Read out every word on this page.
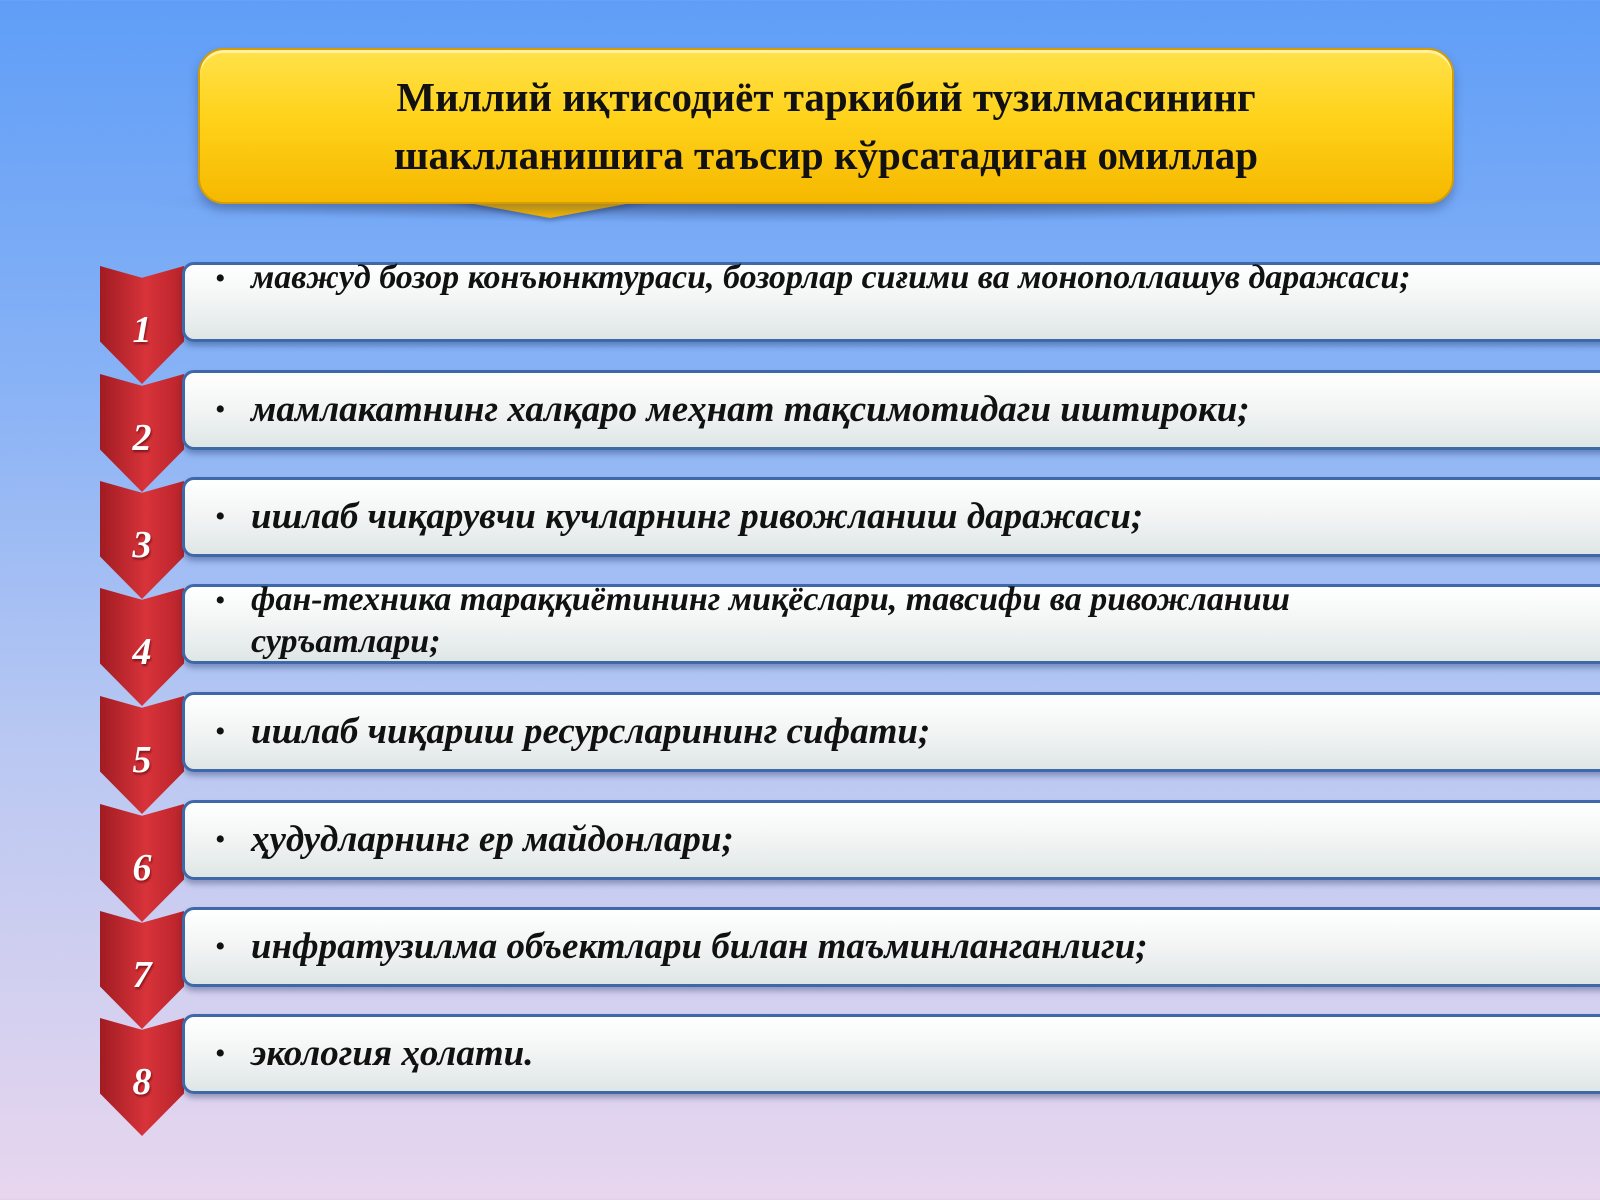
Миллий иқтисодиёт таркибий тузилмасининг шаклланишига таъсир кўрсатадиган омиллар

1
• мавжуд бозор конъюнктураси, бозорлар сиғими ва монополлашув даражаси;

2
• мамлакатнинг халқаро меҳнат тақсимотидаги иштироки;

3
• ишлаб чиқарувчи кучларнинг ривожланиш даражаси;

4
• фан-техника тараққиётининг миқёслари, тавсифи ва ривожланиш суръатлари;

5
• ишлаб чиқариш ресурсларининг сифати;

6
• ҳудудларнинг ер майдонлари;

7
• инфратузилма объектлари билан таъминланганлиги;

8
• экология ҳолати.
